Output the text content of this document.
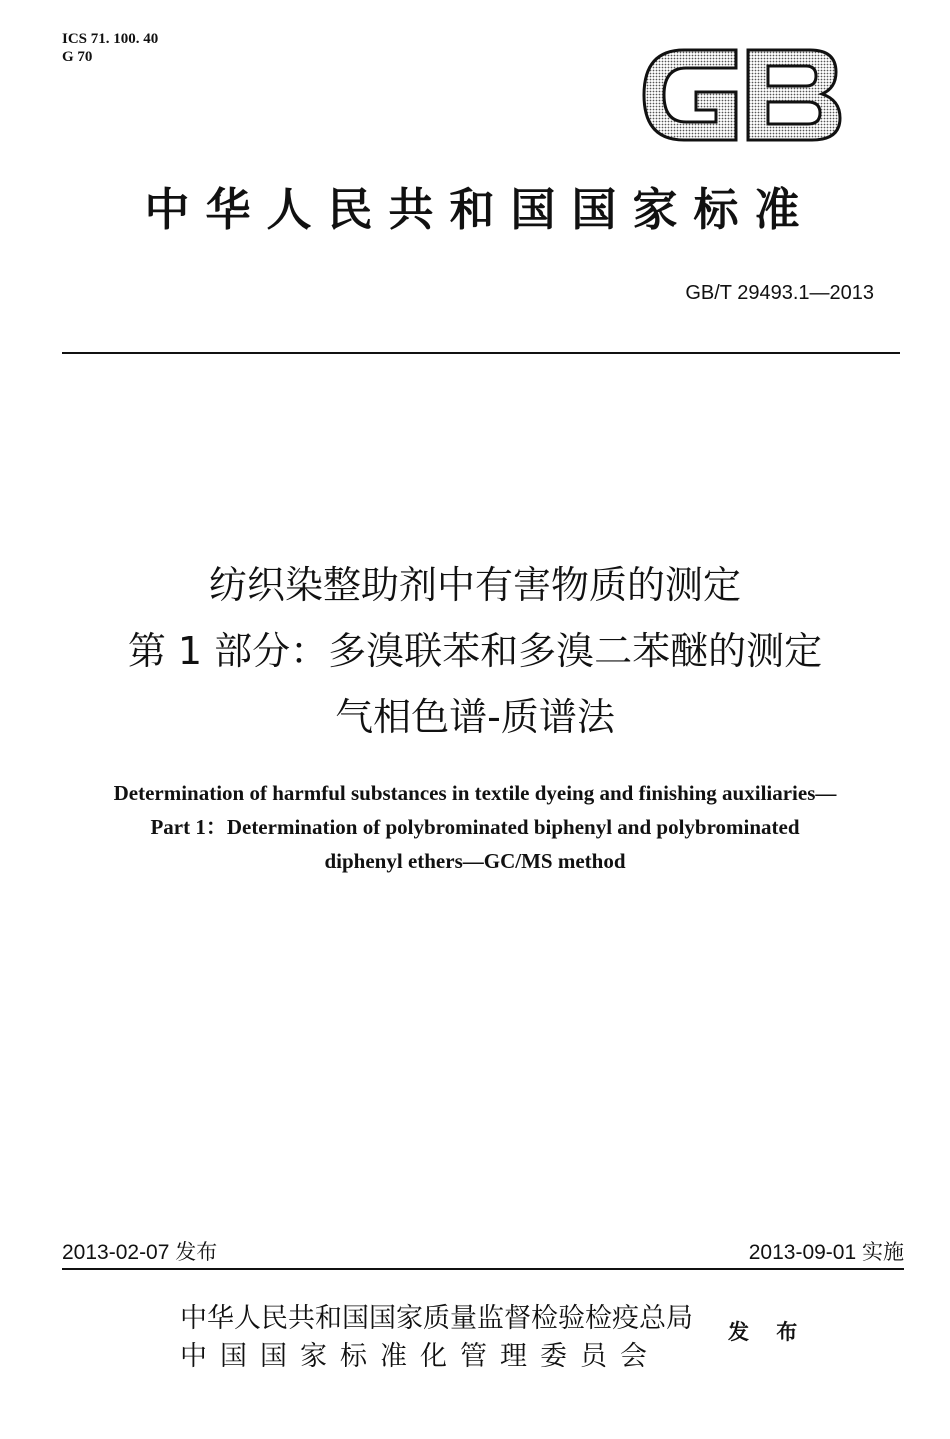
ICS 71. 100. 40
G 70
中华人民共和国国家标准
GB/T 29493.1—2013
纺织染整助剂中有害物质的测定
第 1 部分：多溴联苯和多溴二苯醚的测定
气相色谱-质谱法
Determination of harmful substances in textile dyeing and finishing auxiliaries—
Part 1：Determination of polybrominated biphenyl and polybrominated
diphenyl ethers—GC/MS method
2013-02-07 发布	2013-09-01 实施
中华人民共和国国家质量监督检验检疫总局
中国国家标准化管理委员会
发 布
